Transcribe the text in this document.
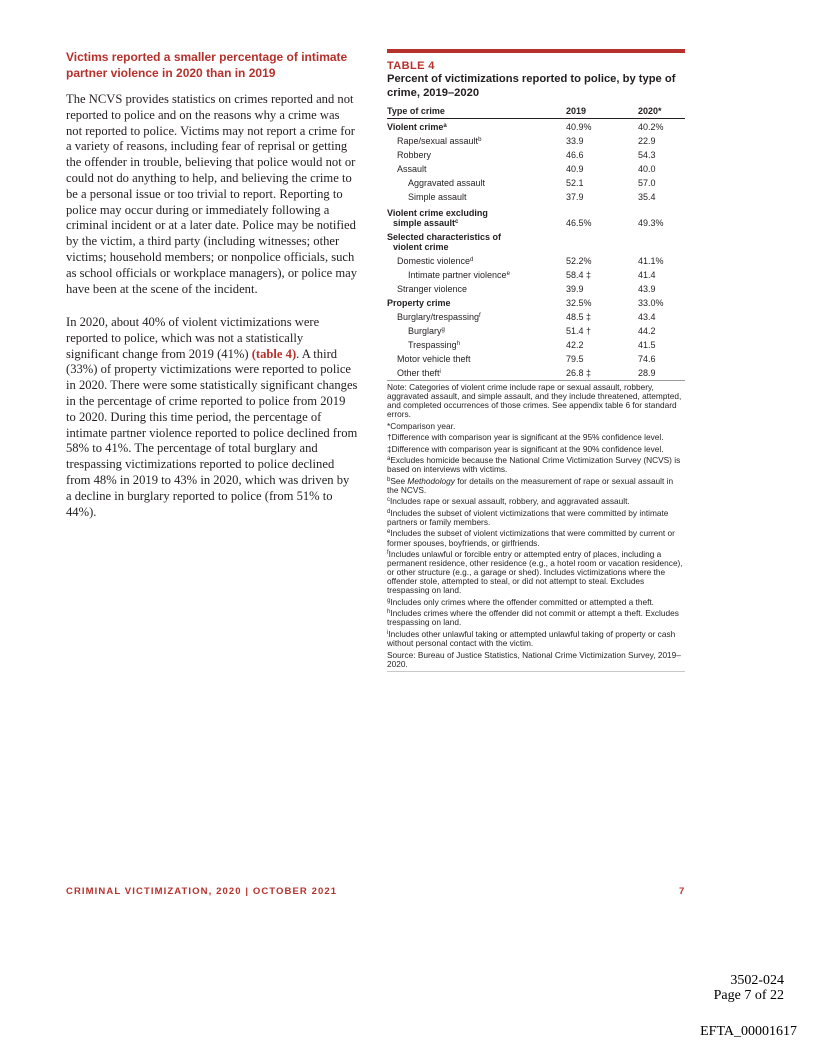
Victims reported a smaller percentage of intimate partner violence in 2020 than in 2019

The NCVS provides statistics on crimes reported and not reported to police and on the reasons why a crime was not reported to police. Victims may not report a crime for a variety of reasons, including fear of reprisal or getting the offender in trouble, believing that police would not or could not do anything to help, and believing the crime to be a personal issue or too trivial to report. Reporting to police may occur during or immediately following a criminal incident or at a later date. Police may be notified by the victim, a third party (including witnesses; other victims; household members; or nonpolice officials, such as school officials or workplace managers), or police may have been at the scene of the incident.

In 2020, about 40% of violent victimizations were reported to police, which was not a statistically significant change from 2019 (41%) (table 4). A third (33%) of property victimizations were reported to police in 2020. There were some statistically significant changes in the percentage of crime reported to police from 2019 to 2020. During this time period, the percentage of intimate partner violence reported to police declined from 58% to 41%. The percentage of total burglary and trespassing victimizations reported to police declined from 48% in 2019 to 43% in 2020, which was driven by a decline in burglary reported to police (from 51% to 44%).

TABLE 4
Percent of victimizations reported to police, by type of crime, 2019–2020
Type of crime	2019	2020*
Violent crime$^a$	40.9%	40.2%
Rape/sexual assault$^b$	33.9	22.9
Robbery	46.6	54.3
Assault	40.9	40.0
Aggravated assault	52.1	57.0
Simple assault	37.9	35.4
Violent crime excluding
simple assault$^c$	46.5%	49.3%
Selected characteristics of
violent crime
Domestic violence$^d$	52.2%	41.1%
Intimate partner violence$^e$	58.4 ‡	41.4
Stranger violence	39.9	43.9
Property crime	32.5%	33.0%
Burglary/trespassing$^f$	48.5 ‡	43.4
Burglary$^g$	51.4 †	44.2
Trespassing$^h$	42.2	41.5
Motor vehicle theft	79.5	74.6
Other theft$^i$	26.8 ‡	28.9

Note: Categories of violent crime include rape or sexual assault, robbery, aggravated assault, and simple assault, and they include threatened, attempted, and completed occurrences of those crimes. See appendix table 6 for standard errors.

*Comparison year.

†Difference with comparison year is significant at the 95% confidence level.

‡Difference with comparison year is significant at the 90% confidence level.

$^a$Excludes homicide because the National Crime Victimization Survey (NCVS) is based on interviews with victims.

$^b$See Methodology for details on the measurement of rape or sexual assault in the NCVS.

$^c$Includes rape or sexual assault, robbery, and aggravated assault.

$^d$Includes the subset of violent victimizations that were committed by intimate partners or family members.

$^e$Includes the subset of violent victimizations that were committed by current or former spouses, boyfriends, or girlfriends.

$^f$Includes unlawful or forcible entry or attempted entry of places, including a permanent residence, other residence (e.g., a hotel room or vacation residence), or other structure (e.g., a garage or shed). Includes victimizations where the offender stole, attempted to steal, or did not attempt to steal. Excludes trespassing on land.

$^g$Includes only crimes where the offender committed or attempted a theft.

$^h$Includes crimes where the offender did not commit or attempt a theft. Excludes trespassing on land.

$^i$Includes other unlawful taking or attempted unlawful taking of property or cash without personal contact with the victim.

Source: Bureau of Justice Statistics, National Crime Victimization Survey, 2019–2020.

CRIMINAL VICTIMIZATION, 2020 | OCTOBER 2021	7
3502-024
Page 7 of 22
EFTA_00001617
